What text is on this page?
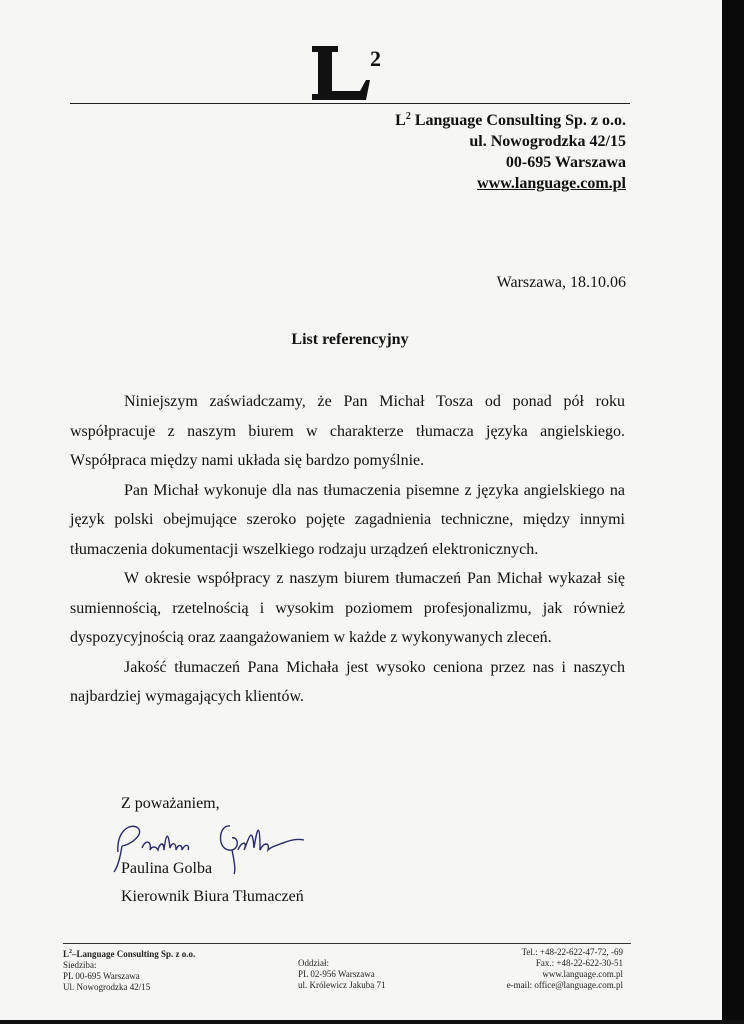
2
$L^2$ Language Consulting Sp. z o.o.
ul. Nowogrodzka 42/15
00-695 Warszawa
www.language.com.pl
Warszawa, 18.10.06
List referencyjny

Niniejszym zaświadczamy, że Pan Michał Tosza od ponad pół roku współpracuje z naszym biurem w charakterze tłumacza języka angielskiego. Współpraca między nami układa się bardzo pomyślnie.

Pan Michał wykonuje dla nas tłumaczenia pisemne z języka angielskiego na język polski obejmujące szeroko pojęte zagadnienia techniczne, między innymi tłumaczenia dokumentacji wszelkiego rodzaju urządzeń elektronicznych.

W okresie współpracy z naszym biurem tłumaczeń Pan Michał wykazał się sumiennością, rzetelnością i wysokim poziomem profesjonalizmu, jak również dyspozycyjnością oraz zaangażowaniem w każde z wykonywanych zleceń.

Jakość tłumaczeń Pana Michała jest wysoko ceniona przez nas i naszych najbardziej wymagających klientów.

Z poważaniem,
Paulina Golba
Kierownik Biura Tłumaczeń
$L^2$–Language Consulting Sp. z o.o.
Siedziba:
PL 00-695 Warszawa
Ul. Nowogrodzka 42/15

Oddział:
PL 02-956 Warszawa
ul. Królewicz Jakuba 71
Tel.: +48-22-622-47-72, -69
Fax.: +48-22-622-30-51
www.language.com.pl
e-mail: office@language.com.pl
